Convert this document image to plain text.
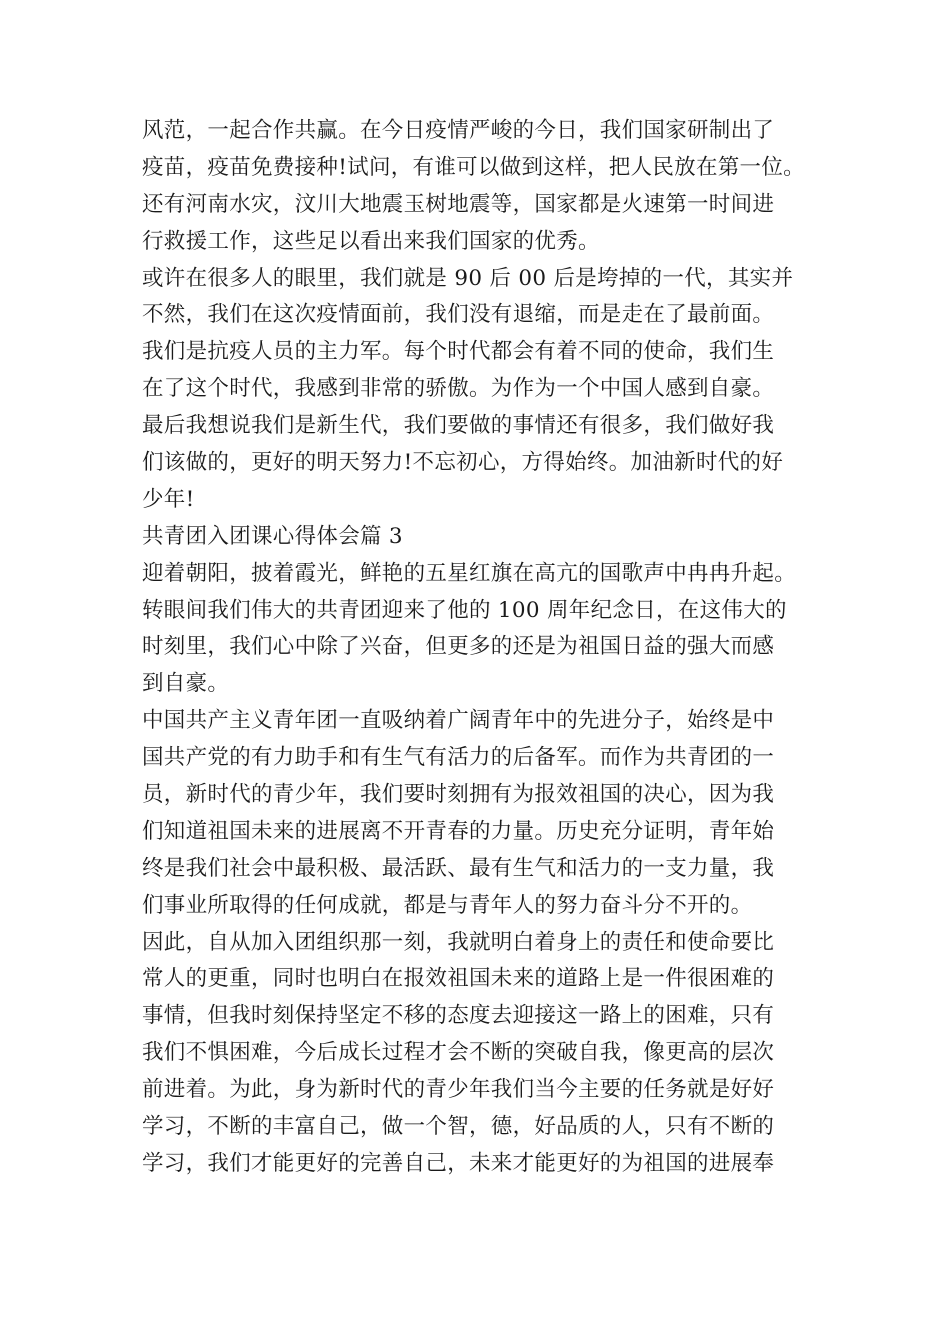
风范，一起合作共赢。在今日疫情严峻的今日，我们国家研制出了
疫苗，疫苗免费接种!试问，有谁可以做到这样，把人民放在第一位。
还有河南水灾，汶川大地震玉树地震等，国家都是火速第一时间进
行救援工作，这些足以看出来我们国家的优秀。
或许在很多人的眼里，我们就是 90 后 00 后是垮掉的一代，其实并
不然，我们在这次疫情面前，我们没有退缩，而是走在了最前面。
我们是抗疫人员的主力军。每个时代都会有着不同的使命，我们生
在了这个时代，我感到非常的骄傲。为作为一个中国人感到自豪。
最后我想说我们是新生代，我们要做的事情还有很多，我们做好我
们该做的，更好的明天努力!不忘初心，方得始终。加油新时代的好
少年!
共青团入团课心得体会篇 3
迎着朝阳，披着霞光，鲜艳的五星红旗在高亢的国歌声中冉冉升起。
转眼间我们伟大的共青团迎来了他的 100 周年纪念日，在这伟大的
时刻里，我们心中除了兴奋，但更多的还是为祖国日益的强大而感
到自豪。
中国共产主义青年团一直吸纳着广阔青年中的先进分子，始终是中
国共产党的有力助手和有生气有活力的后备军。而作为共青团的一
员，新时代的青少年，我们要时刻拥有为报效祖国的决心，因为我
们知道祖国未来的进展离不开青春的力量。历史充分证明，青年始
终是我们社会中最积极、最活跃、最有生气和活力的一支力量，我
们事业所取得的任何成就，都是与青年人的努力奋斗分不开的。
因此，自从加入团组织那一刻，我就明白着身上的责任和使命要比
常人的更重，同时也明白在报效祖国未来的道路上是一件很困难的
事情，但我时刻保持坚定不移的态度去迎接这一路上的困难，只有
我们不惧困难，今后成长过程才会不断的突破自我，像更高的层次
前进着。为此，身为新时代的青少年我们当今主要的任务就是好好
学习，不断的丰富自己，做一个智，德，好品质的人，只有不断的
学习，我们才能更好的完善自己，未来才能更好的为祖国的进展奉
